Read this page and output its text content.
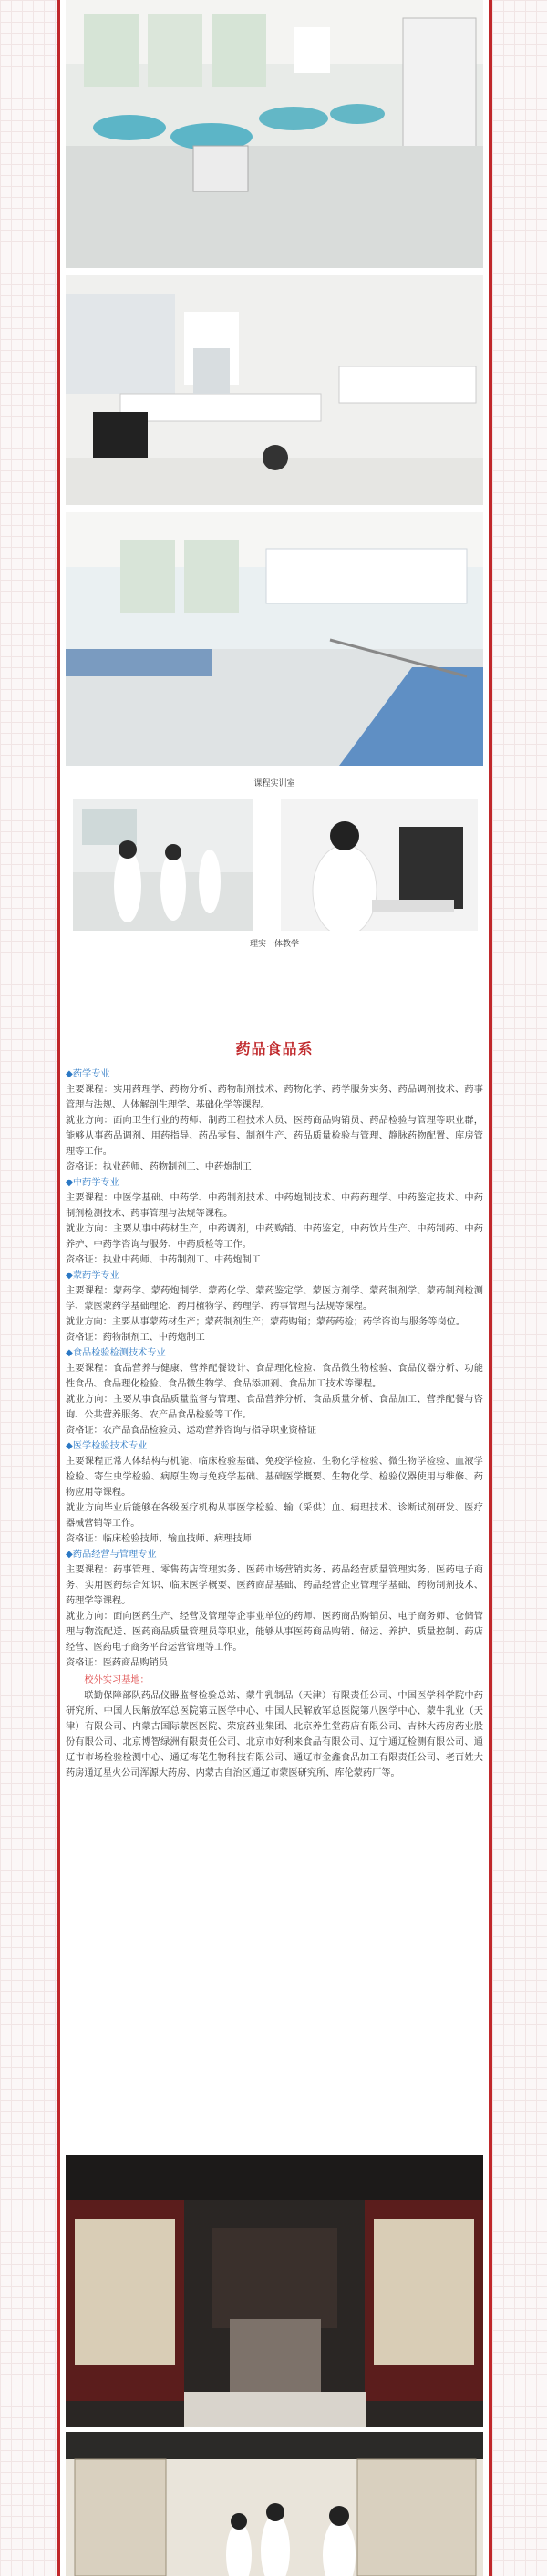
课程实训室
理实一体教学
药品食品系

◆药学专业

主要课程：实用药理学、药物分析、药物制剂技术、药物化学、药学服务实务、药品调剂技术、药事管理与法规、人体解剖生理学、基础化学等课程。

就业方向：面向卫生行业的药师、制药工程技术人员、医药商品购销员、药品检验与管理等职业群，能够从事药品调剂、用药指导、药品零售、制剂生产、药品质量检验与管理、静脉药物配置、库房管理等工作。

资格证：执业药师、药物制剂工、中药炮制工

◆中药学专业

主要课程：中医学基础、中药学、中药制剂技术、中药炮制技术、中药药理学、中药鉴定技术、中药制剂检测技术、药事管理与法规等课程。

就业方向：主要从事中药材生产，中药调剂，中药购销、中药鉴定，中药饮片生产、中药制药、中药养护、中药学咨询与服务、中药质检等工作。

资格证：执业中药师、中药制剂工、中药炮制工

◆蒙药学专业

主要课程：蒙药学、蒙药炮制学、蒙药化学、蒙药鉴定学、蒙医方剂学、蒙药制剂学、蒙药制剂检测学、蒙医蒙药学基础理论、药用植物学、药理学、药事管理与法规等课程。

就业方向：主要从事蒙药材生产；蒙药制剂生产；蒙药购销；蒙药药检；药学咨询与服务等岗位。

资格证：药物制剂工、中药炮制工

◆食品检验检测技术专业

主要课程：食品营养与健康、营养配餐设计、食品理化检验、食品微生物检验、食品仪器分析、功能性食品、食品理化检验、食品微生物学、食品添加剂、食品加工技术等课程。

就业方向：主要从事食品质量监督与管理、食品营养分析、食品质量分析、食品加工、营养配餐与咨询、公共营养服务、农产品食品检验等工作。

资格证：农产品食品检验员、运动营养咨询与指导职业资格证

◆医学检验技术专业

主要课程正常人体结构与机能、临床检验基础、免疫学检验、生物化学检验、微生物学检验、血液学检验、寄生虫学检验、病原生物与免疫学基础、基础医学概要、生物化学、检验仪器使用与维修、药物应用等课程。

就业方向毕业后能够在各级医疗机构从事医学检验、输（采供）血、病理技术、诊断试剂研发、医疗器械营销等工作。

资格证：临床检验技师、输血技师、病理技师

◆药品经营与管理专业

主要课程：药事管理、零售药店管理实务、医药市场营销实务、药品经营质量管理实务、医药电子商务、实用医药综合知识、临床医学概要、医药商品基础、药品经营企业管理学基础、药物制剂技术、药理学等课程。

就业方向：面向医药生产、经营及管理等企事业单位的药师、医药商品购销员、电子商务师、仓储管理与物流配送、医药商品质量管理员等职业，能够从事医药商品购销、储运、养护、质量控制、药店经营、医药电子商务平台运营管理等工作。

资格证：医药商品购销员

校外实习基地：

联勤保障部队药品仪器监督检验总站、蒙牛乳制品（天津）有限责任公司、中国医学科学院中药研究所、中国人民解放军总医院第五医学中心、中国人民解放军总医院第八医学中心、蒙牛乳业（天津）有限公司、内蒙古国际蒙医医院、荣宸药业集团、北京养生堂药店有限公司、吉林大药房药业股份有限公司、北京博智绿洲有限责任公司、北京市好利来食品有限公司、辽宁通辽检测有限公司、通辽市市场检验检测中心、通辽梅花生物科技有限公司、通辽市金鑫食品加工有限责任公司、老百姓大药房通辽星火公司浑源大药房、内蒙古自治区通辽市蒙医研究所、库伦蒙药厂等。
